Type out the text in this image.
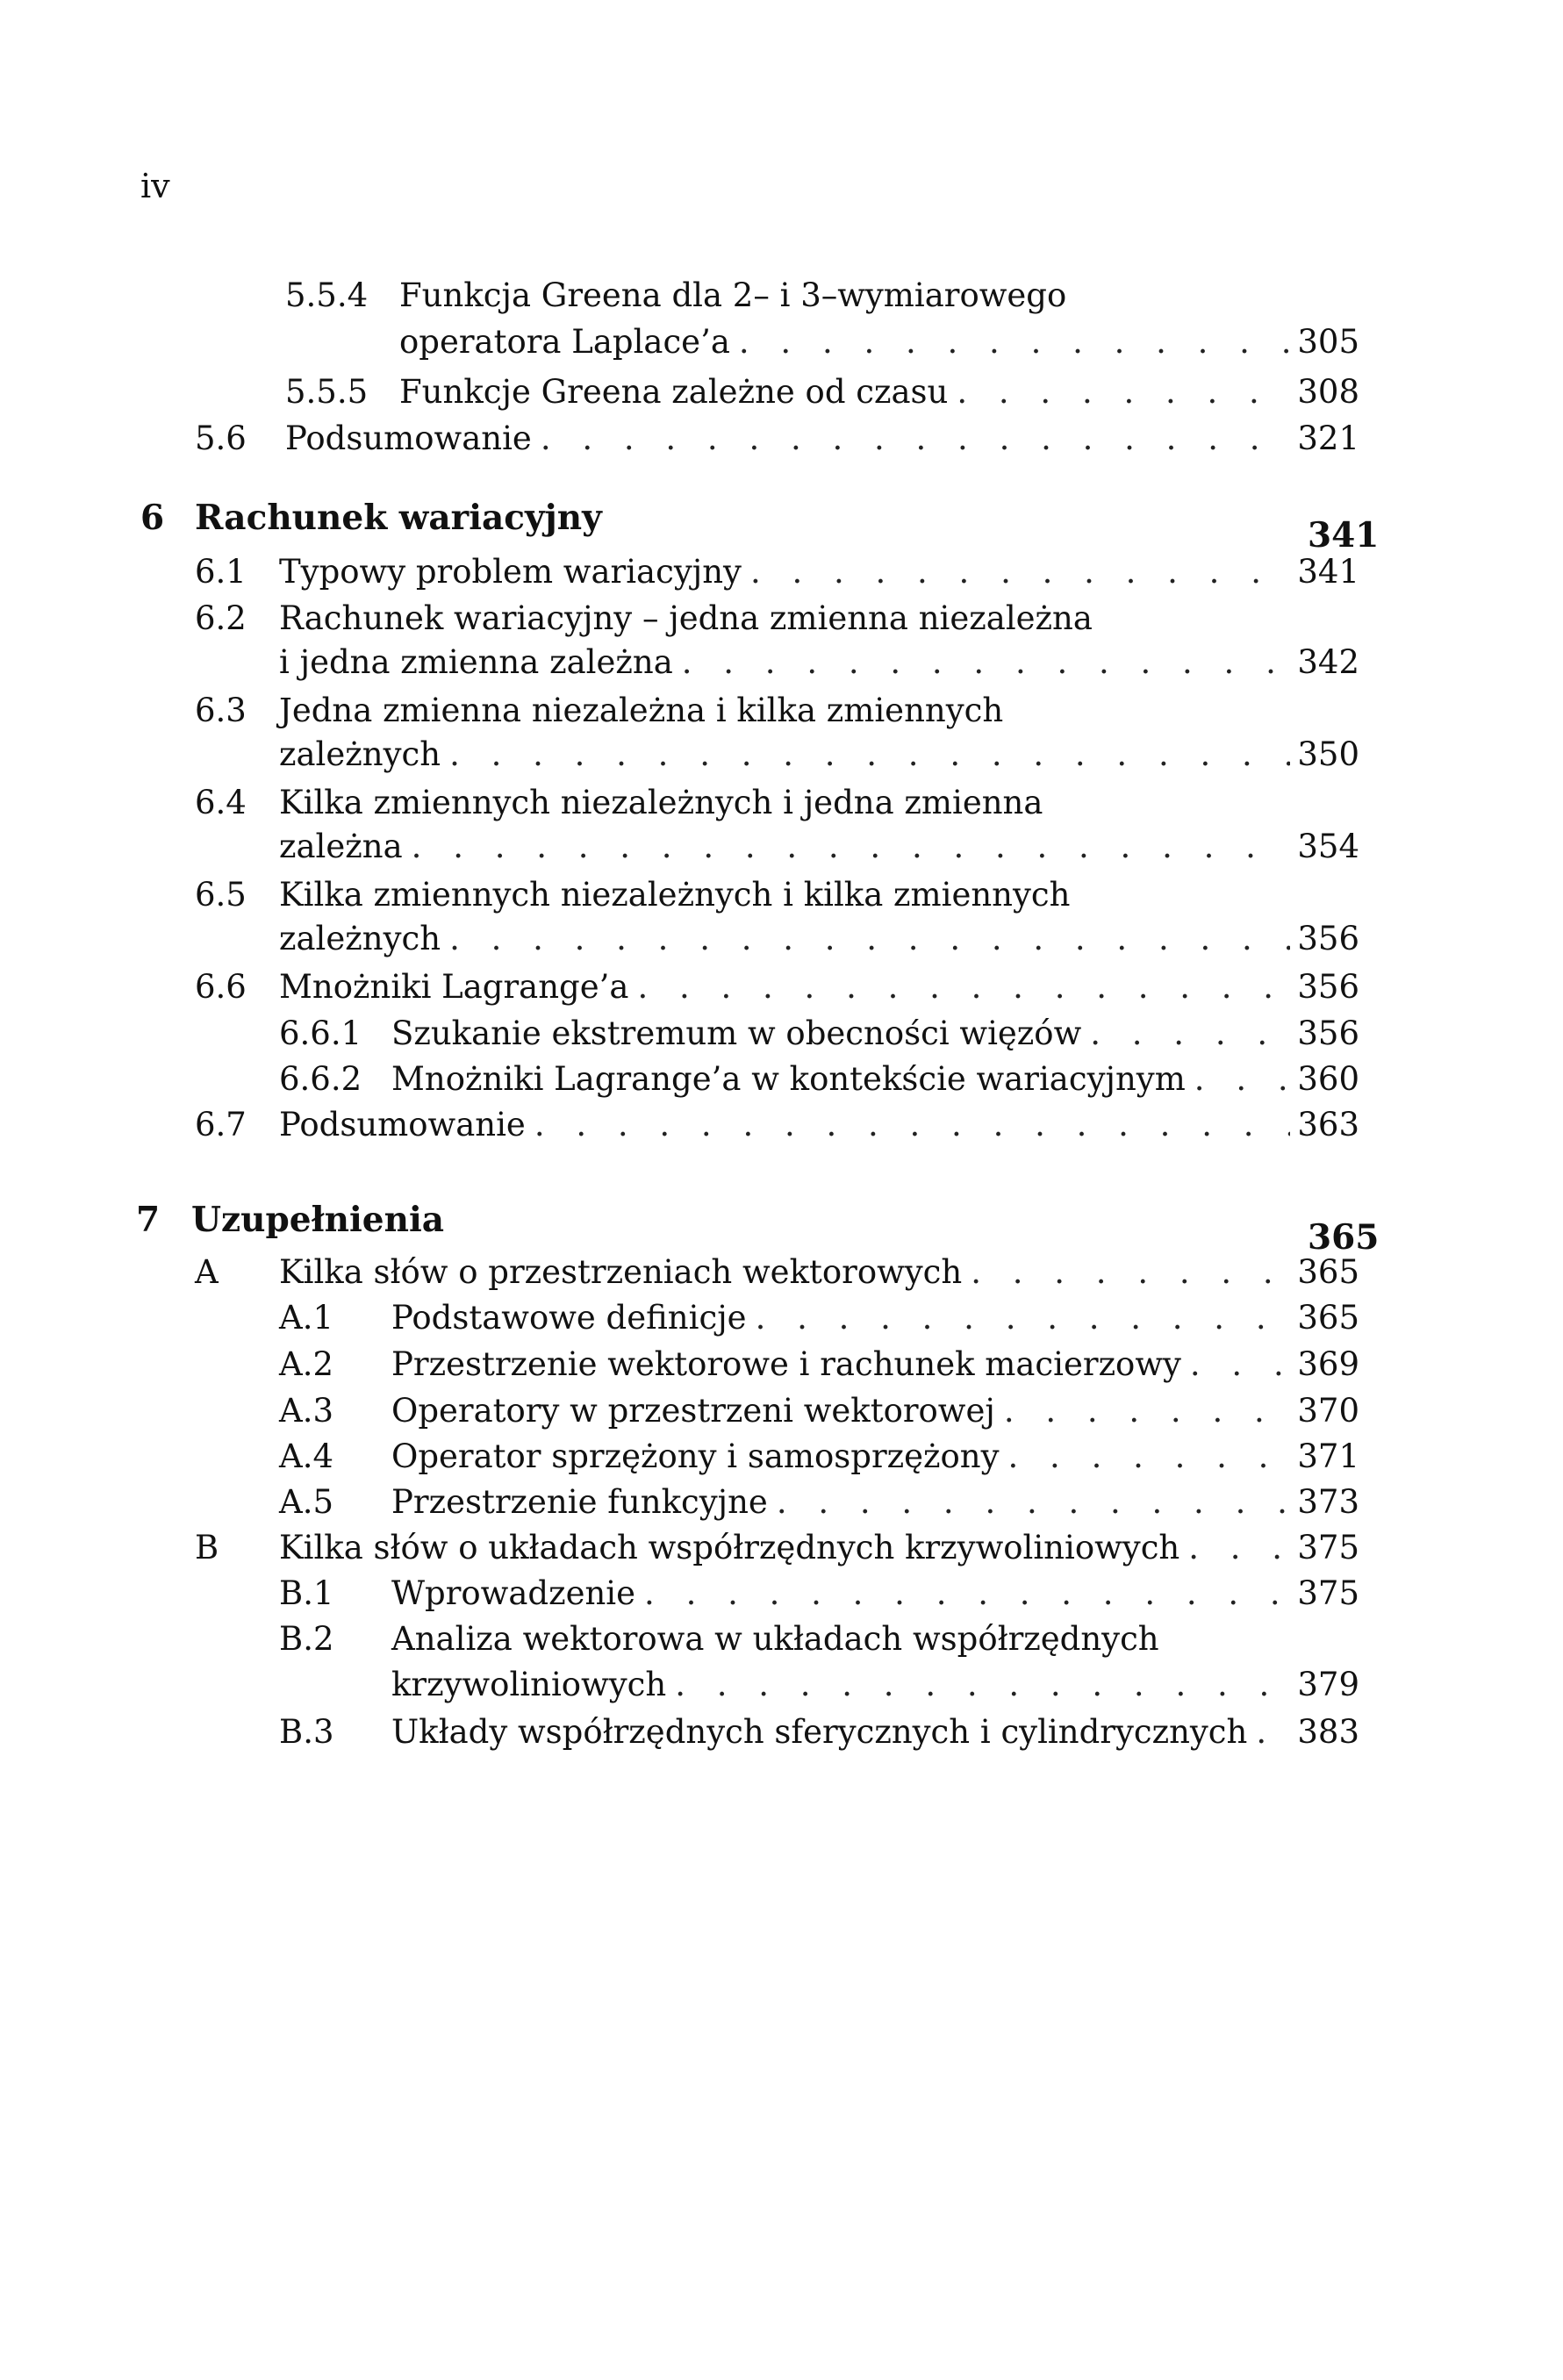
iv
5.5.4 Funkcja Greena dla 2– i 3–wymiarowego
operatora Laplace’a . . .	305
5.5.5 Funkcje Greena zależne od czasu . . .	308
5.6 Podsumowanie . . .	321
6 Rachunek wariacyjny	341
6.1 Typowy problem wariacyjny . . .	341
6.2 Rachunek wariacyjny – jedna zmienna niezależna
i jedna zmienna zależna . . .	342
6.3 Jedna zmienna niezależna i kilka zmiennych
zależnych . . .	350
6.4 Kilka zmiennych niezależnych i jedna zmienna
zależna . . .	354
6.5 Kilka zmiennych niezależnych i kilka zmiennych
zależnych . . .	356
6.6 Mnożniki Lagrange’a . . .	356
6.6.1 Szukanie ekstremum w obecności więzów . . .	356
6.6.2 Mnożniki Lagrange’a w kontekście wariacyjnym . . .	360
6.7 Podsumowanie . . .	363
7 Uzupełnienia	365
A Kilka słów o przestrzeniach wektorowych . . .	365
A.1 Podstawowe definicje . . .	365
A.2 Przestrzenie wektorowe i rachunek macierzowy . . .	369
A.3 Operatory w przestrzeni wektorowej . . .	370
A.4 Operator sprzężony i samosprzężony . . .	371
A.5 Przestrzenie funkcyjne . . .	373
B Kilka słów o układach współrzędnych krzywoliniowych . . .	375
B.1 Wprowadzenie . . .	375
B.2 Analiza wektorowa w układach współrzędnych
krzywoliniowych . . .	379
B.3 Układy współrzędnych sferycznych i cylindrycznych . . . 383
